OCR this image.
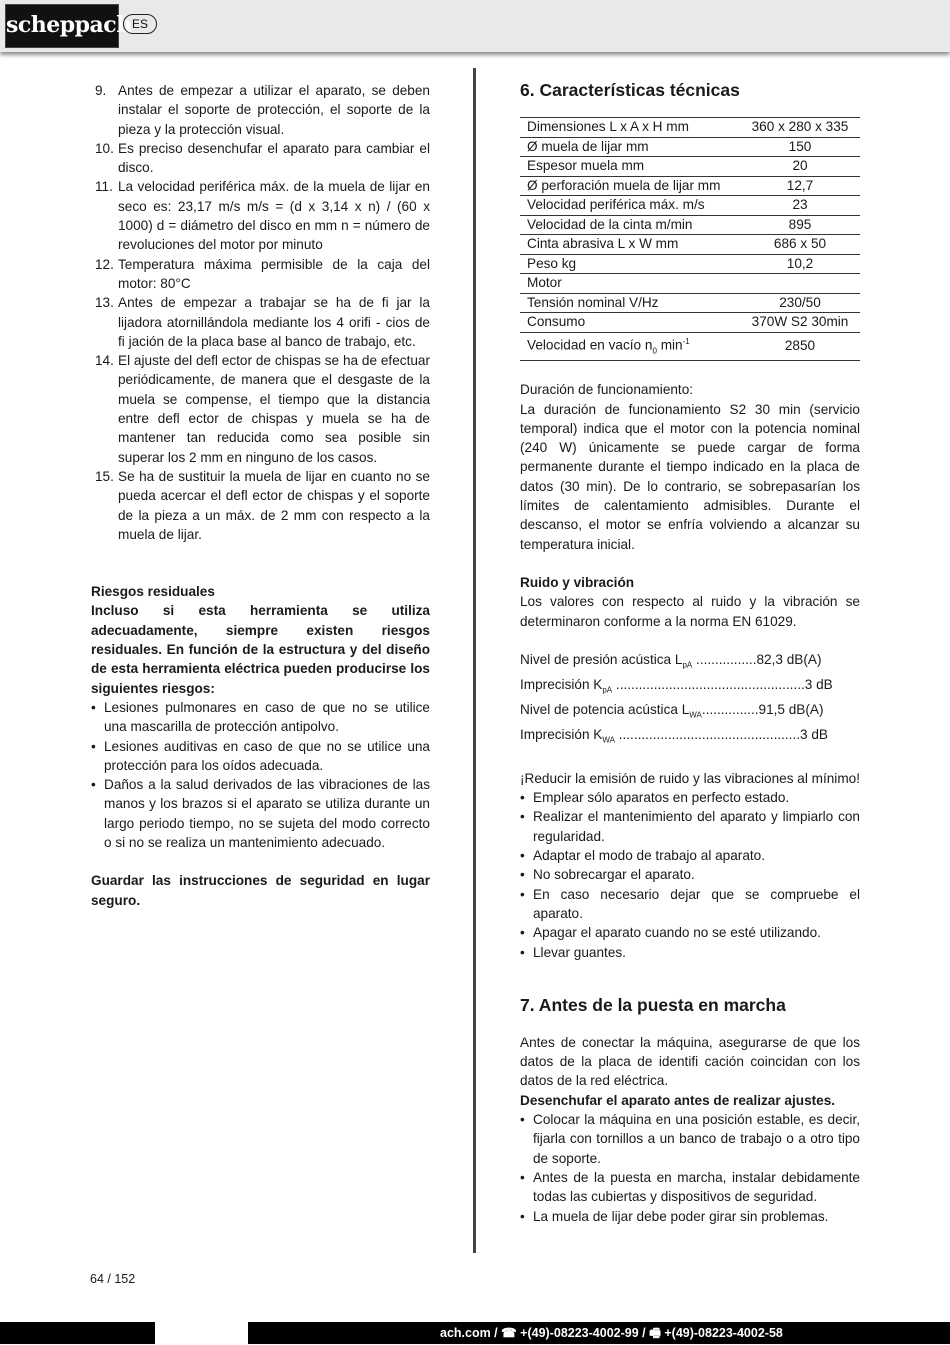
scheppach ES
9. Antes de empezar a utilizar el aparato, se deben instalar el soporte de protección, el soporte de la pieza y la protección visual.
10. Es preciso desenchufar el aparato para cambiar el disco.
11. La velocidad periférica máx. de la muela de lijar en seco es: 23,17 m/s m/s = (d x 3,14 x n) / (60 x 1000) d = diámetro del disco en mm n = número de revoluciones del motor por minuto
12. Temperatura máxima permisible de la caja del motor: 80°C
13. Antes de empezar a trabajar se ha de fi jar la lijadora atornillándola mediante los 4 orifi - cios de fi jación de la placa base al banco de trabajo, etc.
14. El ajuste del defl ector de chispas se ha de efectuar periódicamente, de manera que el desgaste de la muela se compense, el tiempo que la distancia entre defl ector de chispas y muela se ha de mantener tan reducida como sea posible sin superar los 2 mm en ninguno de los casos.
15. Se ha de sustituir la muela de lijar en cuanto no se pueda acercar el defl ector de chispas y el soporte de la pieza a un máx. de 2 mm con respecto a la muela de lijar.
Riesgos residuales
Incluso si esta herramienta se utiliza adecuadamente, siempre existen riesgos residuales. En función de la estructura y del diseño de esta herramienta eléctrica pueden producirse los siguientes riesgos:
• Lesiones pulmonares en caso de que no se utilice una mascarilla de protección antipolvo.
• Lesiones auditivas en caso de que no se utilice una protección para los oídos adecuada.
• Daños a la salud derivados de las vibraciones de las manos y los brazos si el aparato se utiliza durante un largo periodo tiempo, no se sujeta del modo correcto o si no se realiza un mantenimiento adecuado.
Guardar las instrucciones de seguridad en lugar seguro.
6. Características técnicas
Dimensiones L x A x H mm	360 x 280 x 335
Ø muela de lijar mm	150
Espesor muela mm	20
Ø perforación muela de lijar mm	12,7
Velocidad periférica máx. m/s	23
Velocidad de la cinta m/min	895
Cinta abrasiva L x W mm	686 x 50
Peso kg	10,2
Motor	
Tensión nominal V/Hz	230/50
Consumo	370W S2 30min
Velocidad en vacío $n_0$ $\min^{-1}$	2850
Duración de funcionamiento:
La duración de funcionamiento S2 30 min (servicio temporal) indica que el motor con la potencia nominal (240 W) únicamente se puede cargar de forma permanente durante el tiempo indicado en la placa de datos (30 min). De lo contrario, se sobrepasarían los límites de calentamiento admisibles. Durante el descanso, el motor se enfría volviendo a alcanzar su temperatura inicial.
Ruido y vibración
Los valores con respecto al ruido y la vibración se determinaron conforme a la norma EN 61029.
Nivel de presión acústica $L_{pA}$ ................82,3 dB(A)
Imprecisión $K_{pA}$ ..................................................3 dB
Nivel de potencia acústica $L_{WA}...............91,5$ dB(A)
Imprecisión $K_{WA}$ ................................................3 dB
¡Reducir la emisión de ruido y las vibraciones al mínimo!
• Emplear sólo aparatos en perfecto estado.
• Realizar el mantenimiento del aparato y limpiarlo con regularidad.
• Adaptar el modo de trabajo al aparato.
• No sobrecargar el aparato.
• En caso necesario dejar que se compruebe el aparato.
• Apagar el aparato cuando no se esté utilizando.
• Llevar guantes.
7. Antes de la puesta en marcha
Antes de conectar la máquina, asegurarse de que los datos de la placa de identifi cación coincidan con los datos de la red eléctrica.
Desenchufar el aparato antes de realizar ajustes.
• Colocar la máquina en una posición estable, es decir, fijarla con tornillos a un banco de trabajo o a otro tipo de soporte.
• Antes de la puesta en marcha, instalar debidamente todas las cubiertas y dispositivos de seguridad.
• La muela de lijar debe poder girar sin problemas.
64 / 152
ach.com / ☎ +(49)-08223-4002-99 / 🖷 +(49)-08223-4002-58
